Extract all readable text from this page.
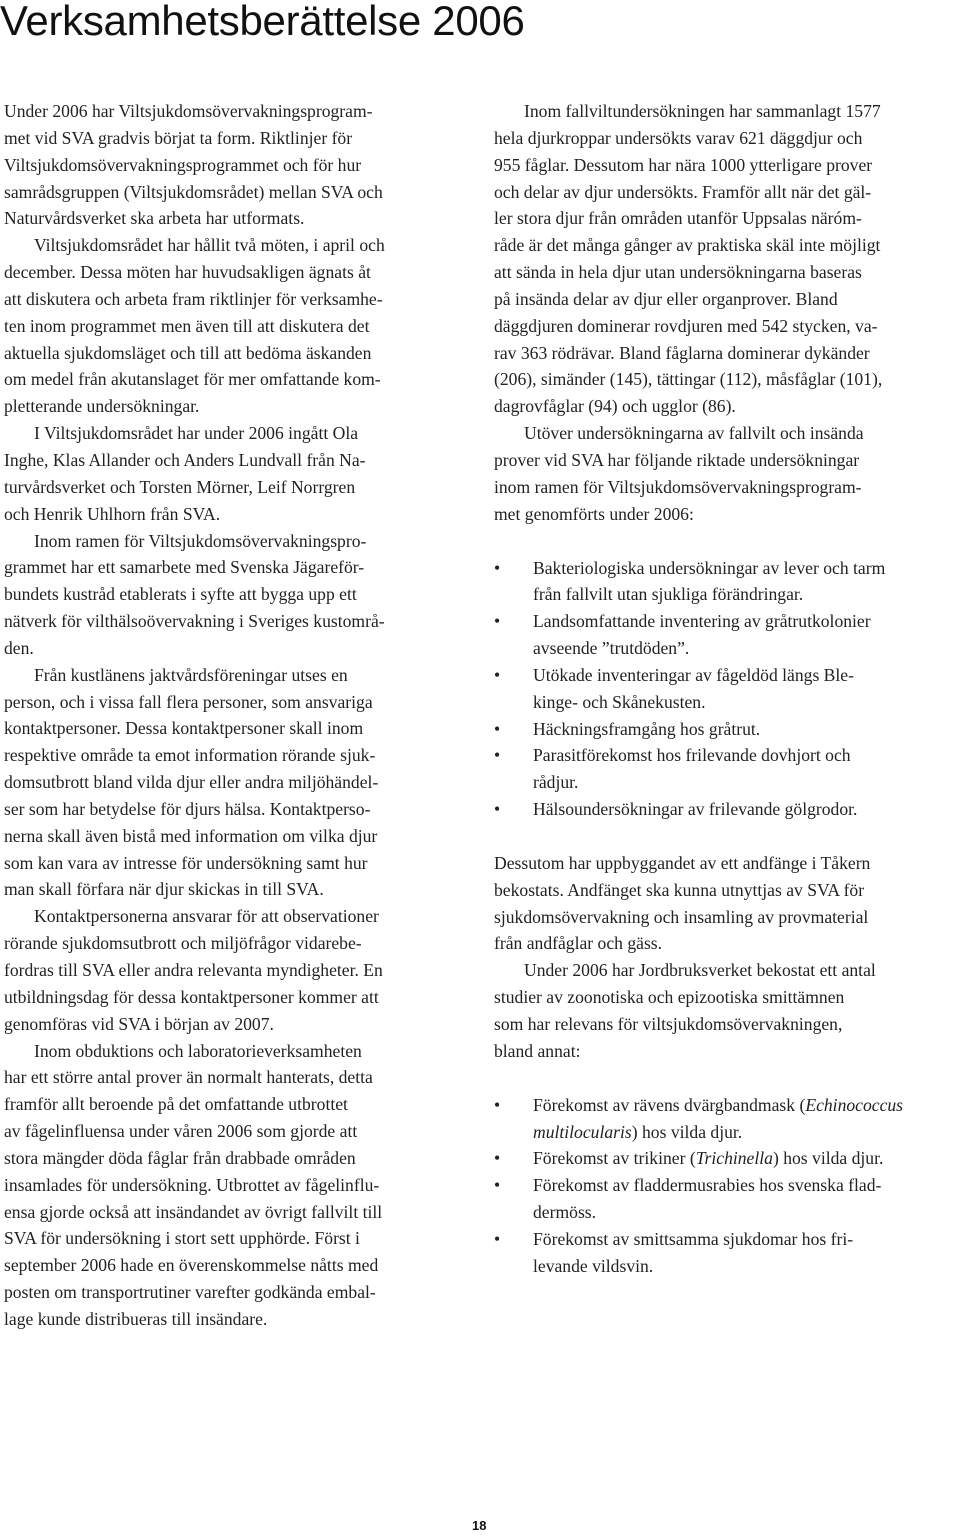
Verksamhetsberättelse 2006

Under 2006 har Viltsjukdomsövervakningsprogram-
met vid SVA gradvis börjat ta form. Riktlinjer för
Viltsjukdomsövervakningsprogrammet och för hur
samrådsgruppen (Viltsjukdomsrådet) mellan SVA och
Naturvårdsverket ska arbeta har utformats.

Viltsjukdomsrådet har hållit två möten, i april och
december. Dessa möten har huvudsakligen ägnats åt
att diskutera och arbeta fram riktlinjer för verksamhe-
ten inom programmet men även till att diskutera det
aktuella sjukdomsläget och till att bedöma äskanden
om medel från akutanslaget för mer omfattande kom-
pletterande undersökningar.

I Viltsjukdomsrådet har under 2006 ingått Ola
Inghe, Klas Allander och Anders Lundvall från Na-
turvårdsverket och Torsten Mörner, Leif Norrgren
och Henrik Uhlhorn från SVA.

Inom ramen för Viltsjukdomsövervakningspro-
grammet har ett samarbete med Svenska Jägareför-
bundets kustråd etablerats i syfte att bygga upp ett
nätverk för vilthälsoövervakning i Sveriges kustområ-
den.

Från kustlänens jaktvårdsföreningar utses en
person, och i vissa fall flera personer, som ansvariga
kontaktpersoner. Dessa kontaktpersoner skall inom
respektive område ta emot information rörande sjuk-
domsutbrott bland vilda djur eller andra miljöhändel-
ser som har betydelse för djurs hälsa. Kontaktperso-
nerna skall även bistå med information om vilka djur
som kan vara av intresse för undersökning samt hur
man skall förfara när djur skickas in till SVA.

Kontaktpersonerna ansvarar för att observationer
rörande sjukdomsutbrott och miljöfrågor vidarebe-
fordras till SVA eller andra relevanta myndigheter. En
utbildningsdag för dessa kontaktpersoner kommer att
genomföras vid SVA i början av 2007.

Inom obduktions och laboratorieverksamheten
har ett större antal prover än normalt hanterats, detta
framför allt beroende på det omfattande utbrottet
av fågelinfluensa under våren 2006 som gjorde att
stora mängder döda fåglar från drabbade områden
insamlades för undersökning. Utbrottet av fågelinflu-
ensa gjorde också att insändandet av övrigt fallvilt till
SVA för undersökning i stort sett upphörde. Först i
september 2006 hade en överenskommelse nåtts med
posten om transportrutiner varefter godkända embal-
lage kunde distribueras till insändare.

Inom fallviltundersökningen har sammanlagt 1577
hela djurkroppar undersökts varav 621 däggdjur och
955 fåglar. Dessutom har nära 1000 ytterligare prover
och delar av djur undersökts. Framför allt när det gäl-
ler stora djur från områden utanför Uppsalas näróm-
råde är det många gånger av praktiska skäl inte möjligt
att sända in hela djur utan undersökningarna baseras
på insända delar av djur eller organprover. Bland
däggdjuren dominerar rovdjuren med 542 stycken, va-
rav 363 rödrävar. Bland fåglarna dominerar dykänder
(206), simänder (145), tättingar (112), måsfåglar (101),
dagrovfåglar (94) och ugglor (86).

Utöver undersökningarna av fallvilt och insända
prover vid SVA har följande riktade undersökningar
inom ramen för Viltsjukdomsövervakningsprogram-
met genomförts under 2006:

•	Bakteriologiska undersökningar av lever och tarm
från fallvilt utan sjukliga förändringar.
•	Landsomfattande inventering av gråtrutkolonier
avseende ”trutdöden”.
•	Utökade inventeringar av fågeldöd längs Ble-
kinge- och Skånekusten.
•	Häckningsframgång hos gråtrut.
•	Parasitförekomst hos frilevande dovhjort och
rådjur.
•	Hälsoundersökningar av frilevande gölgrodor.

Dessutom har uppbyggandet av ett andfänge i Tåkern
bekostats. Andfänget ska kunna utnyttjas av SVA för
sjukdomsövervakning och insamling av provmaterial
från andfåglar och gäss.

Under 2006 har Jordbruksverket bekostat ett antal
studier av zoonotiska och epizootiska smittämnen
som har relevans för viltsjukdomsövervakningen,
bland annat:

•	Förekomst av rävens dvärgbandmask (Echinococcus
multilocularis) hos vilda djur.
•	Förekomst av trikiner (Trichinella) hos vilda djur.
•	Förekomst av fladdermusrabies hos svenska flad-
dermöss.
•	Förekomst av smittsamma sjukdomar hos fri-
levande vildsvin.
18
